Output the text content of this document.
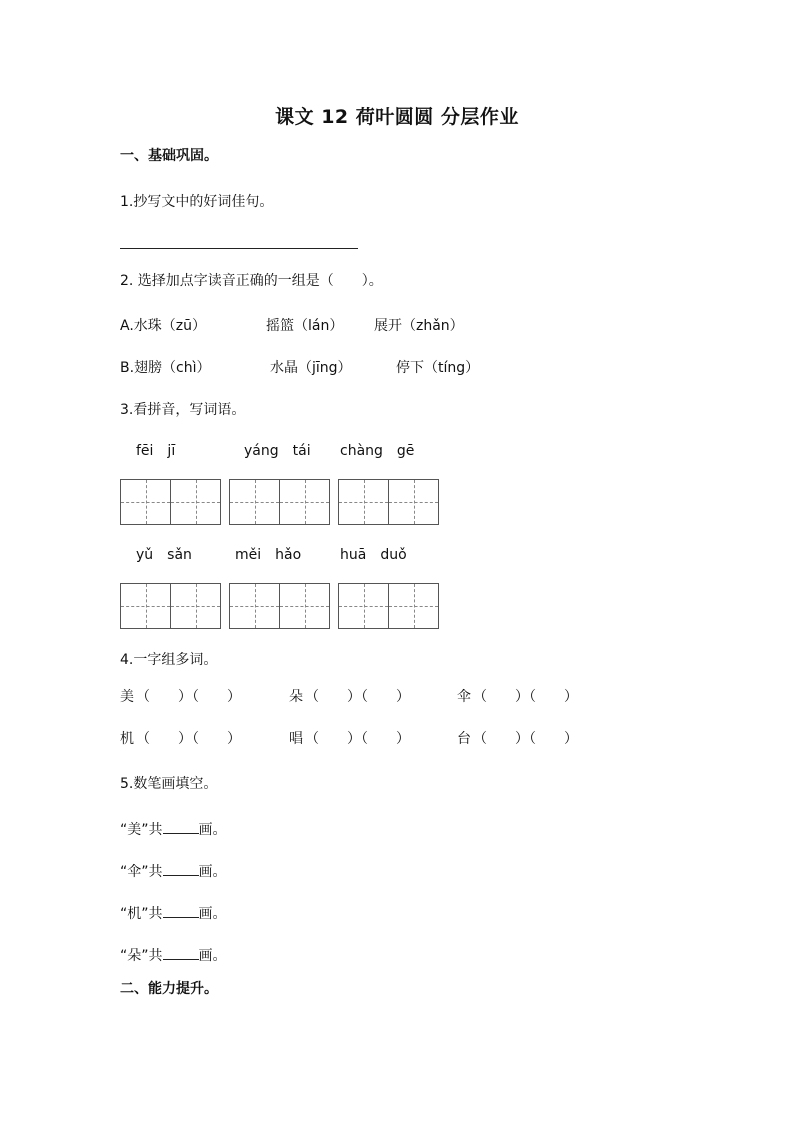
课文 12 荷叶圆圆 分层作业
一、基础巩固。
1.抄写文中的好词佳句。
2. 选择加点字读音正确的一组是（　　）。
A.水珠（zū）	摇篮（lán） 展开（zhǎn）
B.翅膀（chì）	水晶（jīng）	停下（tíng）
3.看拼音，写词语。
fēi　jī	yáng　tái chàng　gē
yǔ　sǎn	měi　hǎo	huā　duǒ
4.一字组多词。
美 （　　）（　　）	朵 （　　）（　　）	伞 （　　）（　　）
机 （　　）（　　）	唱 （　　）（　　）	台 （　　）（　　）
5.数笔画填空。
“美”共	画。
“伞”共	画。
“机”共	画。
“朵”共	画。
二、能力提升。
